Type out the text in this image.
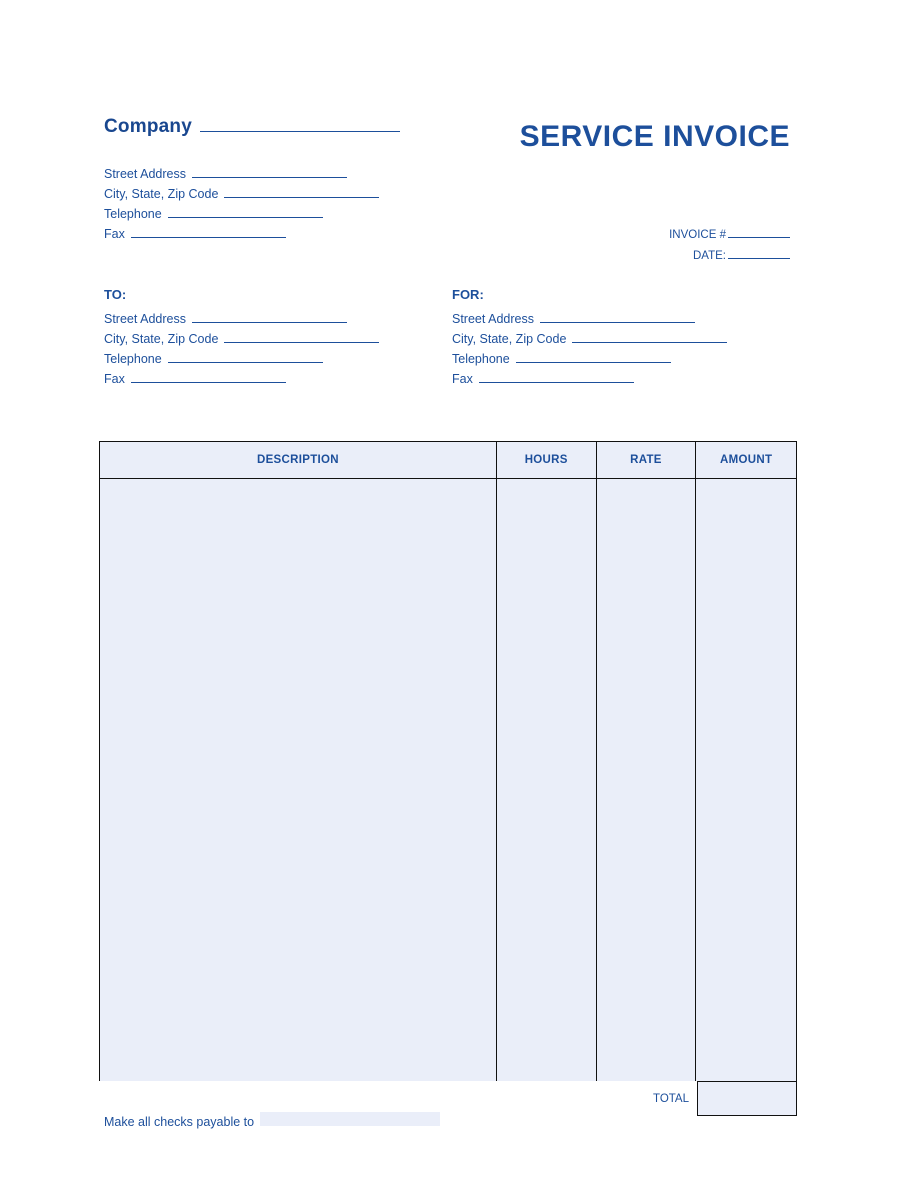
Company	SERVICE INVOICE
Street Address
City, State, Zip Code
Telephone
Fax	INVOICE #
DATE:
TO:
Street Address
City, State, Zip Code
Telephone
Fax
FOR:
Street Address
City, State, Zip Code
Telephone
Fax
DESCRIPTION	HOURS	RATE	AMOUNT
TOTAL
Make all checks payable to
